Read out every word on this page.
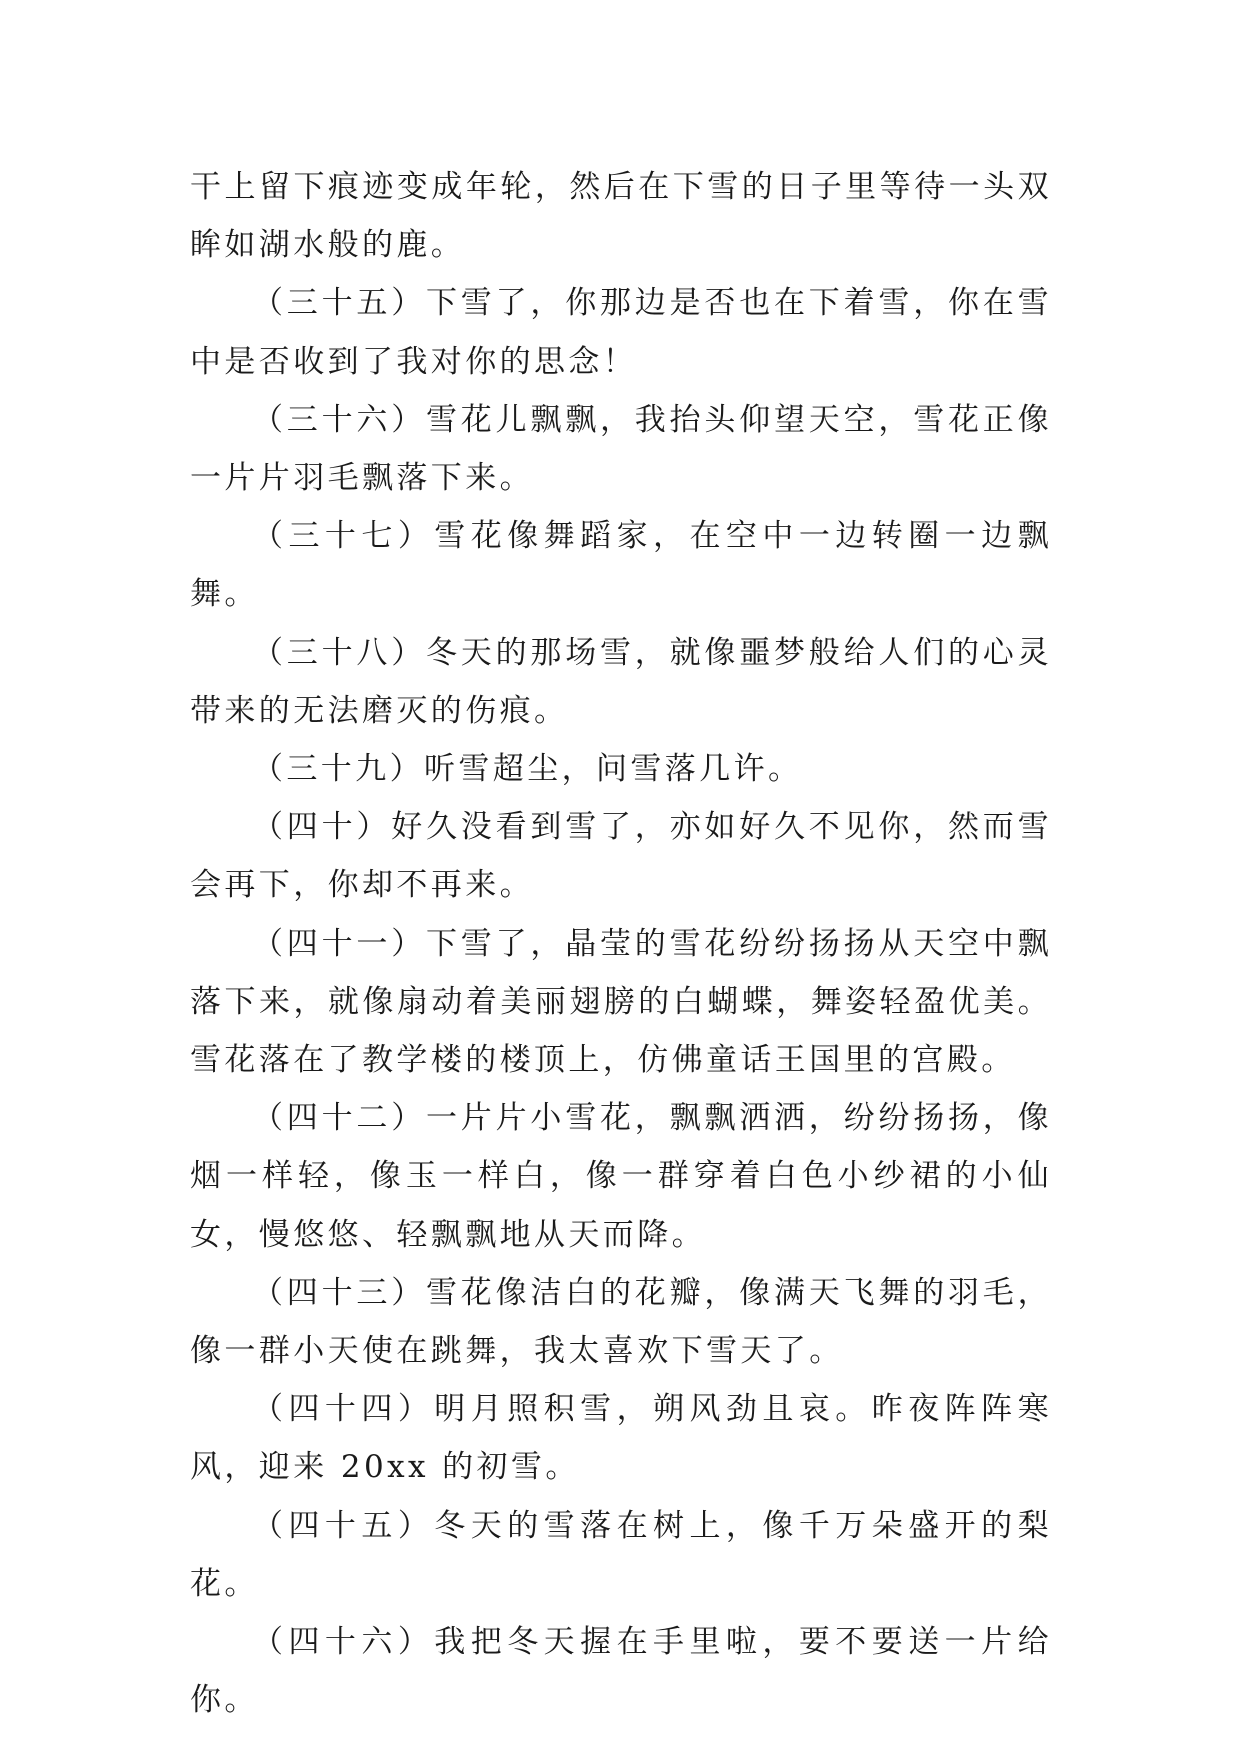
干上留下痕迹变成年轮，然后在下雪的日子里等待一头双眸如湖水般的鹿。

（三十五）下雪了，你那边是否也在下着雪，你在雪中是否收到了我对你的思念！

（三十六）雪花儿飘飘，我抬头仰望天空，雪花正像一片片羽毛飘落下来。

（三十七）雪花像舞蹈家，在空中一边转圈一边飘舞。

（三十八）冬天的那场雪，就像噩梦般给人们的心灵带来的无法磨灭的伤痕。

（三十九）听雪超尘，问雪落几许。

（四十）好久没看到雪了，亦如好久不见你，然而雪会再下，你却不再来。

（四十一）下雪了，晶莹的雪花纷纷扬扬从天空中飘落下来，就像扇动着美丽翅膀的白蝴蝶，舞姿轻盈优美。雪花落在了教学楼的楼顶上，仿佛童话王国里的宫殿。

（四十二）一片片小雪花，飘飘洒洒，纷纷扬扬，像烟一样轻，像玉一样白，像一群穿着白色小纱裙的小仙女，慢悠悠、轻飘飘地从天而降。

（四十三）雪花像洁白的花瓣，像满天飞舞的羽毛，像一群小天使在跳舞，我太喜欢下雪天了。

（四十四）明月照积雪，朔风劲且哀。昨夜阵阵寒风，迎来 20xx 的初雪。

（四十五）冬天的雪落在树上，像千万朵盛开的梨花。

（四十六）我把冬天握在手里啦，要不要送一片给你。
